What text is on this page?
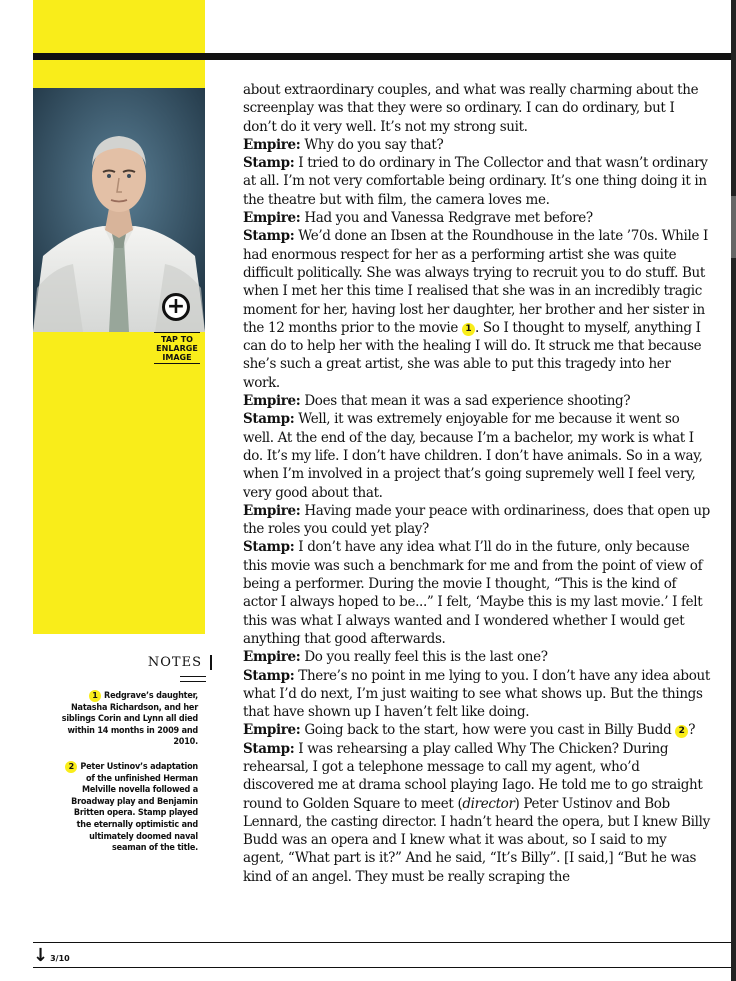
+
TAP TO
ENLARGE
IMAGE

about extraordinary couples, and what was really charming about the screenplay was that they were so ordinary. I can do ordinary, but I don’t do it very well. It’s not my strong suit.

Empire: Why do you say that?

Stamp: I tried to do ordinary in The Collector and that wasn’t ordinary at all. I’m not very comfortable being ordinary. It’s one thing doing it in the theatre but with film, the camera loves me.

Empire: Had you and Vanessa Redgrave met before?

Stamp: We’d done an Ibsen at the Roundhouse in the late ’70s. While I had enormous respect for her as a performing artist she was quite difficult politically. She was always trying to recruit you to do stuff. But when I met her this time I realised that she was in an incredibly tragic moment for her, having lost her daughter, her brother and her sister in the 12 months prior to the movie 1 . So I thought to myself, anything I can do to help her with the healing I will do. It struck me that because she’s such a great artist, she was able to put this tragedy into her work.

Empire: Does that mean it was a sad experience shooting?

Stamp: Well, it was extremely enjoyable for me because it went so well. At the end of the day, because I’m a bachelor, my work is what I do. It’s my life. I don’t have children. I don’t have animals. So in a way, when I’m involved in a project that’s going supremely well I feel very, very good about that.

Empire: Having made your peace with ordinariness, does that open up the roles you could yet play?

Stamp: I don’t have any idea what I’ll do in the future, only because this movie was such a benchmark for me and from the point of view of being a performer. During the movie I thought, “This is the kind of actor I always hoped to be...” I felt, ‘Maybe this is my last movie.’ I felt this was what I always wanted and I wondered whether I would get anything that good afterwards.

Empire: Do you really feel this is the last one?

Stamp: There’s no point in me lying to you. I don’t have any idea about what I’d do next, I’m just waiting to see what shows up. But the things that have shown up I haven’t felt like doing.

Empire: Going back to the start, how were you cast in Billy Budd 2 ?

Stamp: I was rehearsing a play called Why The Chicken? During rehearsal, I got a telephone message to call my agent, who’d discovered me at drama school playing Iago. He told me to go straight round to Golden Square to meet (director) Peter Ustinov and Bob Lennard, the casting director. I hadn’t heard the opera, but I knew Billy Budd was an opera and I knew what it was about, so I said to my agent, “What part is it?” And he said, “It’s Billy”. [I said,] “But he was kind of an angel. They must be really scraping the

NOTES
1 Redgrave’s daughter, Natasha Richardson, and her siblings Corin and Lynn all died within 14 months in 2009 and 2010.
2 Peter Ustinov’s adaptation of the unfinished Herman Melville novella followed a Broadway play and Benjamin Britten opera. Stamp played the eternally optimistic and ultimately doomed naval seaman of the title.
↓ 3/10
